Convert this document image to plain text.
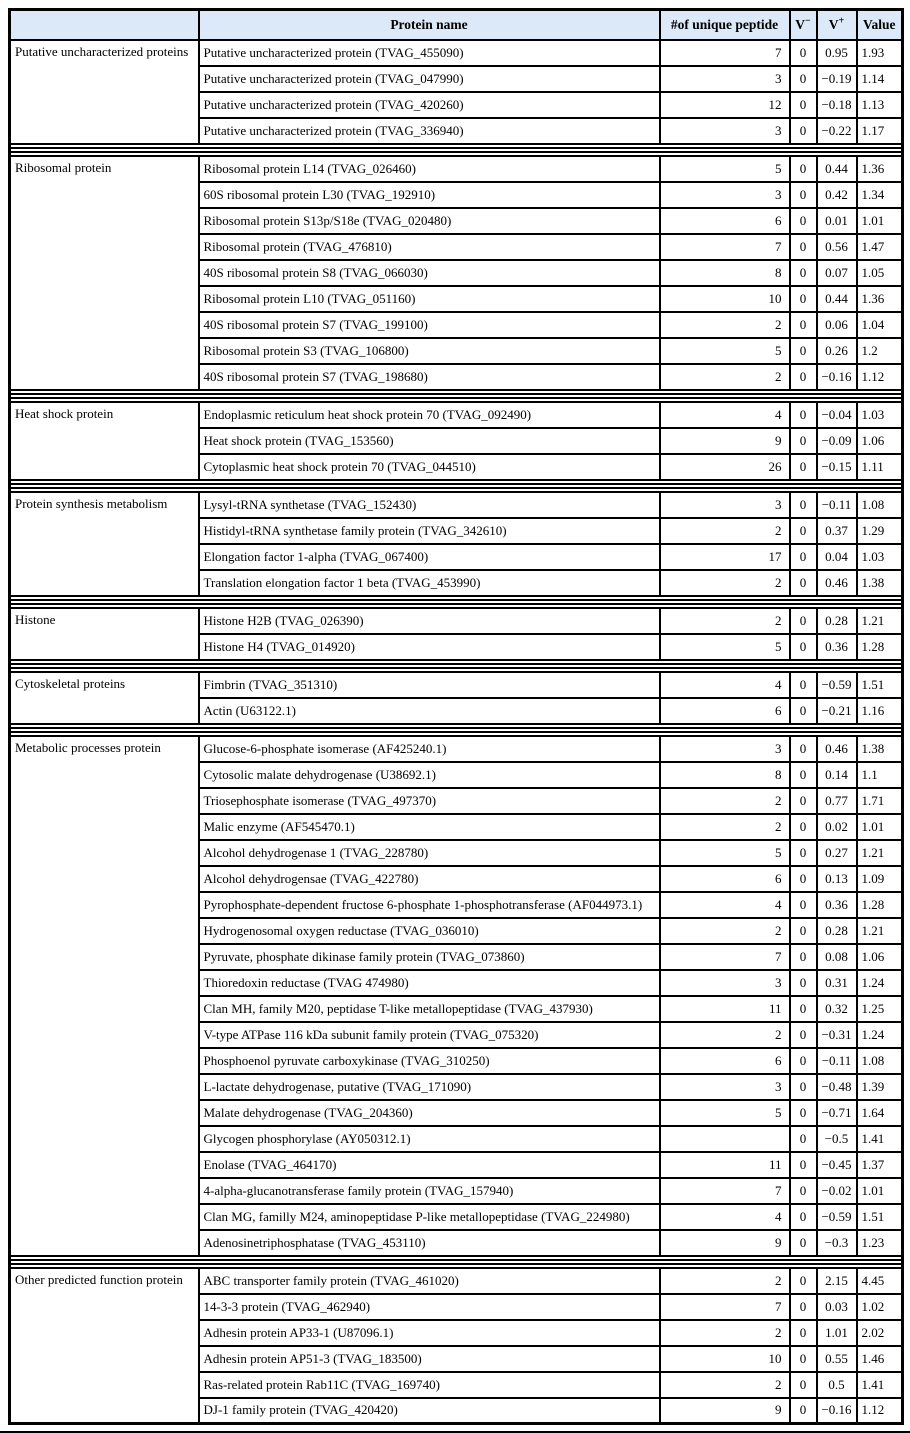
	Protein name	#of unique peptide	V−	V+	Value
Putative uncharacterized proteins	Putative uncharacterized protein (TVAG_455090)	7	0	0.95	1.93
	Putative uncharacterized protein (TVAG_047990)	3	0	−0.19	1.14
	Putative uncharacterized protein (TVAG_420260)	12	0	−0.18	1.13
	Putative uncharacterized protein (TVAG_336940)	3	0	−0.22	1.17

Ribosomal protein	Ribosomal protein L14 (TVAG_026460)	5	0	0.44	1.36
	60S ribosomal protein L30 (TVAG_192910)	3	0	0.42	1.34
	Ribosomal protein S13p/S18e (TVAG_020480)	6	0	0.01	1.01
	Ribosomal protein (TVAG_476810)	7	0	0.56	1.47
	40S ribosomal protein S8 (TVAG_066030)	8	0	0.07	1.05
	Ribosomal protein L10 (TVAG_051160)	10	0	0.44	1.36
	40S ribosomal protein S7 (TVAG_199100)	2	0	0.06	1.04
	Ribosomal protein S3 (TVAG_106800)	5	0	0.26	1.2
	40S ribosomal protein S7 (TVAG_198680)	2	0	−0.16	1.12

Heat shock protein	Endoplasmic reticulum heat shock protein 70 (TVAG_092490)	4	0	−0.04	1.03
	Heat shock protein (TVAG_153560)	9	0	−0.09	1.06
	Cytoplasmic heat shock protein 70 (TVAG_044510)	26	0	−0.15	1.11

Protein synthesis metabolism	Lysyl-tRNA synthetase (TVAG_152430)	3	0	−0.11	1.08
	Histidyl-tRNA synthetase family protein (TVAG_342610)	2	0	0.37	1.29
	Elongation factor 1-alpha (TVAG_067400)	17	0	0.04	1.03
	Translation elongation factor 1 beta (TVAG_453990)	2	0	0.46	1.38

Histone	Histone H2B (TVAG_026390)	2	0	0.28	1.21
	Histone H4 (TVAG_014920)	5	0	0.36	1.28

Cytoskeletal proteins	Fimbrin (TVAG_351310)	4	0	−0.59	1.51
	Actin (U63122.1)	6	0	−0.21	1.16

Metabolic processes protein	Glucose-6-phosphate isomerase (AF425240.1)	3	0	0.46	1.38
	Cytosolic malate dehydrogenase (U38692.1)	8	0	0.14	1.1
	Triosephosphate isomerase (TVAG_497370)	2	0	0.77	1.71
	Malic enzyme (AF545470.1)	2	0	0.02	1.01
	Alcohol dehydrogenase 1 (TVAG_228780)	5	0	0.27	1.21
	Alcohol dehydrogensae (TVAG_422780)	6	0	0.13	1.09
	Pyrophosphate-dependent fructose 6-phosphate 1-phosphotransferase (AF044973.1)	4	0	0.36	1.28
	Hydrogenosomal oxygen reductase (TVAG_036010)	2	0	0.28	1.21
	Pyruvate, phosphate dikinase family protein (TVAG_073860)	7	0	0.08	1.06
	Thioredoxin reductase (TVAG 474980)	3	0	0.31	1.24
	Clan MH, family M20, peptidase T-like metallopeptidase (TVAG_437930)	11	0	0.32	1.25
	V-type ATPase 116 kDa subunit family protein (TVAG_075320)	2	0	−0.31	1.24
	Phosphoenol pyruvate carboxykinase (TVAG_310250)	6	0	−0.11	1.08
	L-lactate dehydrogenase, putative (TVAG_171090)	3	0	−0.48	1.39
	Malate dehydrogenase (TVAG_204360)	5	0	−0.71	1.64
	Glycogen phosphorylase (AY050312.1)		0	−0.5	1.41
	Enolase (TVAG_464170)	11	0	−0.45	1.37
	4-alpha-glucanotransferase family protein (TVAG_157940)	7	0	−0.02	1.01
	Clan MG, familly M24, aminopeptidase P-like metallopeptidase (TVAG_224980)	4	0	−0.59	1.51
	Adenosinetriphosphatase (TVAG_453110)	9	0	−0.3	1.23

Other predicted function protein	ABC transporter family protein (TVAG_461020)	2	0	2.15	4.45
	14-3-3 protein (TVAG_462940)	7	0	0.03	1.02
	Adhesin protein AP33-1 (U87096.1)	2	0	1.01	2.02
	Adhesin protein AP51-3 (TVAG_183500)	10	0	0.55	1.46
	Ras-related protein Rab11C (TVAG_169740)	2	0	0.5	1.41
	DJ-1 family protein (TVAG_420420)	9	0	−0.16	1.12
